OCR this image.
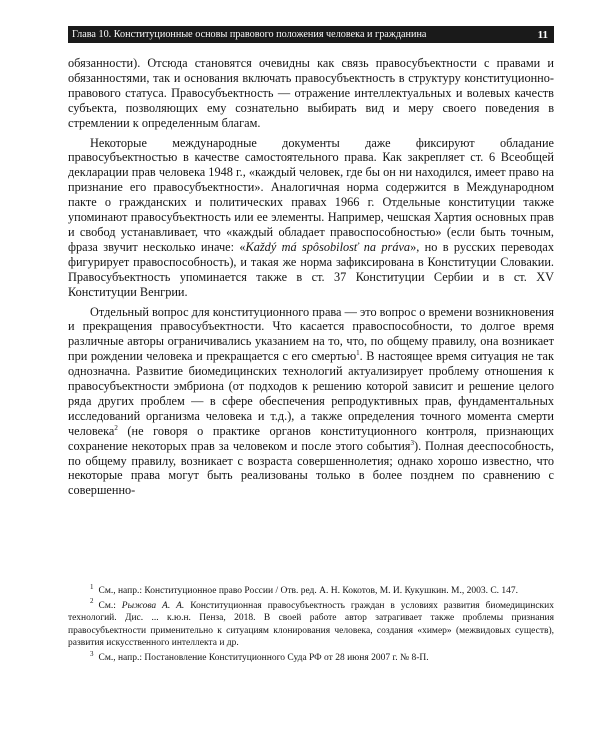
Глава 10. Конституционные основы правового положения человека и гражданина	11

обязанности). Отсюда становятся очевидны как связь правосубъектности с правами и обязанностями, так и основания включать правосубъектность в структуру конституционно-правового статуса. Правосубъектность — отражение интеллектуальных и волевых качеств субъекта, позволяющих ему сознательно выбирать вид и меру своего поведения в стремлении к определенным благам.

Некоторые международные документы даже фиксируют обладание правосубъектностью в качестве самостоятельного права. Как закрепляет ст. 6 Всеобщей декларации прав человека 1948 г., «каждый человек, где бы он ни находился, имеет право на признание его правосубъектности». Аналогичная норма содержится в Международном пакте о гражданских и политических правах 1966 г. Отдельные конституции также упоминают правосубъектность или ее элементы. Например, чешская Хартия основных прав и свобод устанавливает, что «каждый обладает правоспособностью» (если быть точным, фраза звучит несколько иначе: «Každý má spôsobilosť na práva», но в русских переводах фигурирует правоспособность), и такая же норма зафиксирована в Конституции Словакии. Правосубъектность упоминается также в ст. 37 Конституции Сербии и в ст. XV Конституции Венгрии.

Отдельный вопрос для конституционного права — это вопрос о времени возникновения и прекращения правосубъектности. Что касается правоспособности, то долгое время различные авторы ограничивались указанием на то, что, по общему правилу, она возникает при рождении человека и прекращается с его смертью$^1$. В настоящее время ситуация не так однозначна. Развитие биомедицинских технологий актуализирует проблему отношения к правосубъектности эмбриона (от подходов к решению которой зависит и решение целого ряда других проблем — в сфере обеспечения репродуктивных прав, фундаментальных исследований организма человека и т.д.), а также определения точного момента смерти человека$^2$ (не говоря о практике органов конституционного контроля, признающих сохранение некоторых прав за человеком и после этого события$^3$). Полная дееспособность, по общему правилу, возникает с возраста совершеннолетия; однако хорошо известно, что некоторые права могут быть реализованы только в более позднем по сравнению с совершенно-

$^1$ См., напр.: Конституционное право России / Отв. ред. А. Н. Кокотов, М. И. Кукушкин. М., 2003. С. 147.

$^2$ См.: Рыжова А. А. Конституционная правосубъектность граждан в условиях развития биомедицинских технологий. Дис. ... к.ю.н. Пенза, 2018. В своей работе автор затрагивает также проблемы признания правосубъектности применительно к ситуациям клонирования человека, создания «химер» (межвидовых существ), развития искусственного интеллекта и др.

$^3$ См., напр.: Постановление Конституционного Суда РФ от 28 июня 2007 г. № 8-П.
